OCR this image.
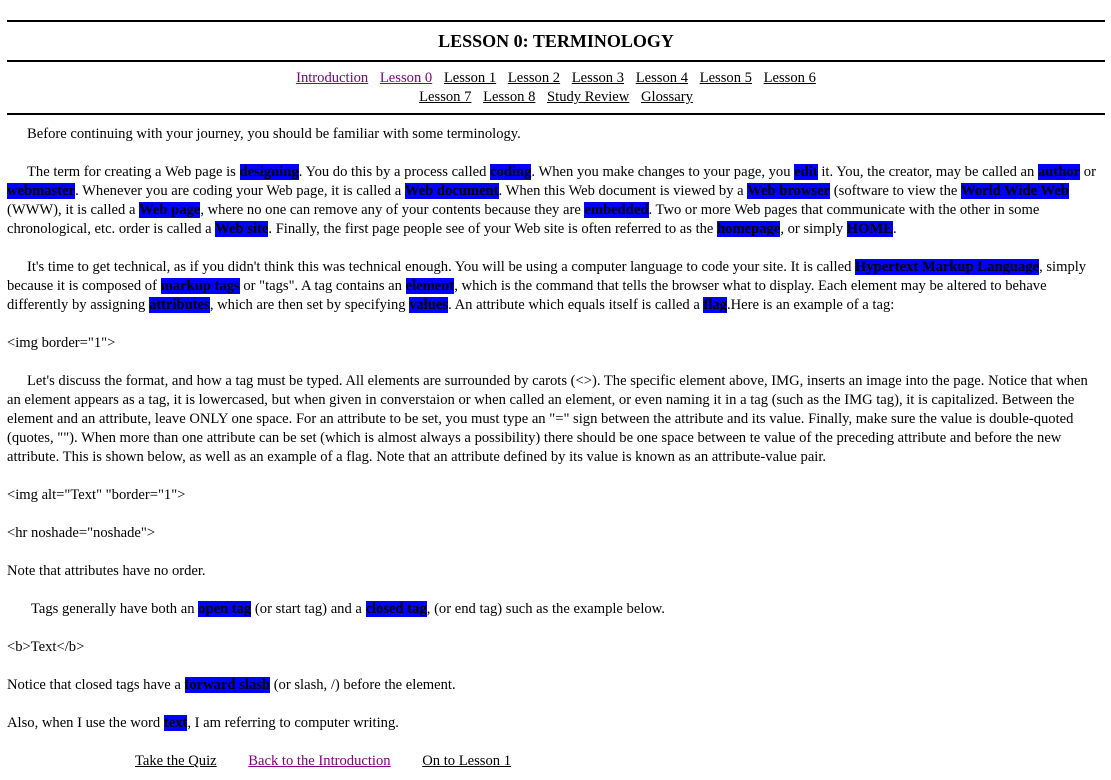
LESSON 0: TERMINOLOGY
Introduction Lesson 0 Lesson 1 Lesson 2 Lesson 3 Lesson 4 Lesson 5 Lesson 6
Lesson 7 Lesson 8 Study Review Glossary

Before continuing with your journey, you should be familiar with some terminology.

The term for creating a Web page is designing. You do this by a process called coding. When you make changes to your page, you edit it. You, the creator, may be called an author or webmaster. Whenever you are coding your Web page, it is called a Web document. When this Web document is viewed by a Web browser (software to view the World Wide Web (WWW), it is called a Web page, where no one can remove any of your contents because they are embedded. Two or more Web pages that communicate with the other in some chronological, etc. order is called a Web site. Finally, the first page people see of your Web site is often referred to as the homepage, or simply HOME.

It's time to get technical, as if you didn't think this was technical enough. You will be using a computer language to code your site. It is called Hypertext Markup Language, simply because it is composed of markup tags or "tags". A tag contains an element, which is the command that tells the browser what to display. Each element may be altered to behave differently by assigning attributes, which are then set by specifying values. An attribute which equals itself is called a flag.Here is an example of a tag:

<img border="1">

Let's discuss the format, and how a tag must be typed. All elements are surrounded by carots (<>). The specific element above, IMG, inserts an image into the page. Notice that when an element appears as a tag, it is lowercased, but when given in converstaion or when called an element, or even naming it in a tag (such as the IMG tag), it is capitalized. Between the element and an attribute, leave ONLY one space. For an attribute to be set, you must type an "=" sign between the attribute and its value. Finally, make sure the value is double-quoted (quotes, ""). When more than one attribute can be set (which is almost always a possibility) there should be one space between te value of the preceding attribute and before the new attribute. This is shown below, as well as an example of a flag. Note that an attribute defined by its value is known as an attribute-value pair.

<img alt="Text" "border="1">

<hr noshade="noshade">

Note that attributes have no order.

Tags generally have both an open tag (or start tag) and a closed tag, (or end tag) such as the example below.

<b>Text</b>

Notice that closed tags have a forward slash (or slash, /) before the element.

Also, when I use the word text, I am referring to computer writing.

Take the Quiz Back to the Introduction On to Lesson 1
